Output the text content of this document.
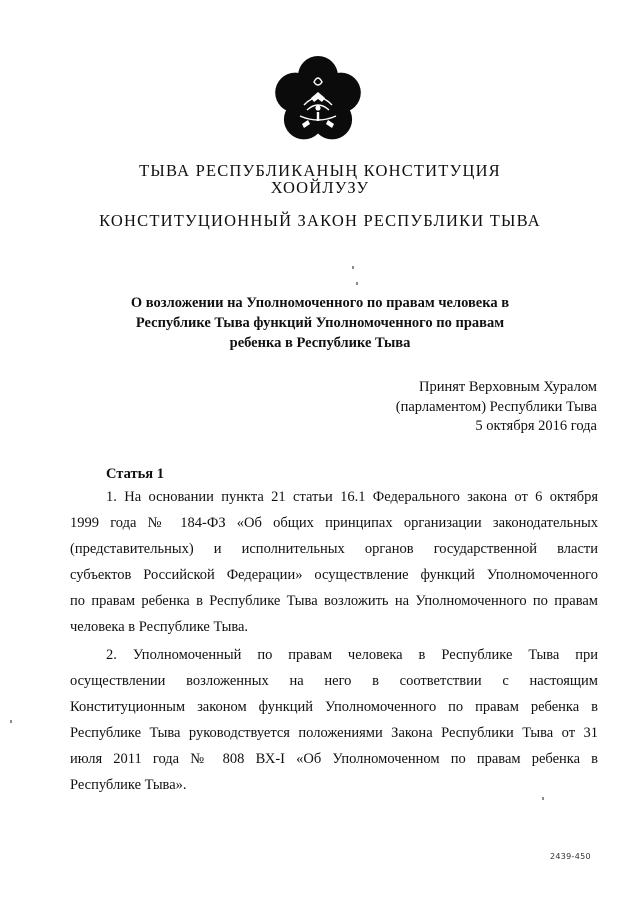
ТЫВА РЕСПУБЛИКАНЫҢ КОНСТИТУЦИЯ
ХООЙЛУЗУ
КОНСТИТУЦИОННЫЙ ЗАКОН РЕСПУБЛИКИ ТЫВА
О возложении на Уполномоченного по правам человека в
Республике Тыва функций Уполномоченного по правам
ребенка в Республике Тыва
Принят Верховным Хуралом
(парламентом) Республики Тыва
5 октября 2016 года
Статья 1
1. На основании пункта 21 статьи 16.1 Федерального закона от 6 октября
1999 года № 184-ФЗ «Об общих принципах организации законодательных
(представительных) и исполнительных органов государственной власти
субъектов Российской Федерации» осуществление функций Уполномоченного
по правам ребенка в Республике Тыва возложить на Уполномоченного по правам
человека в Республике Тыва.
2. Уполномоченный по правам человека в Республике Тыва при
осуществлении возложенных на него в соответствии с настоящим
Конституционным законом функций Уполномоченного по правам ребенка в
Республике Тыва руководствуется положениями Закона Республики Тыва от 31
июля 2011 года № 808 ВХ-I «Об Уполномоченном по правам ребенка в
Республике Тыва».
2439-450
